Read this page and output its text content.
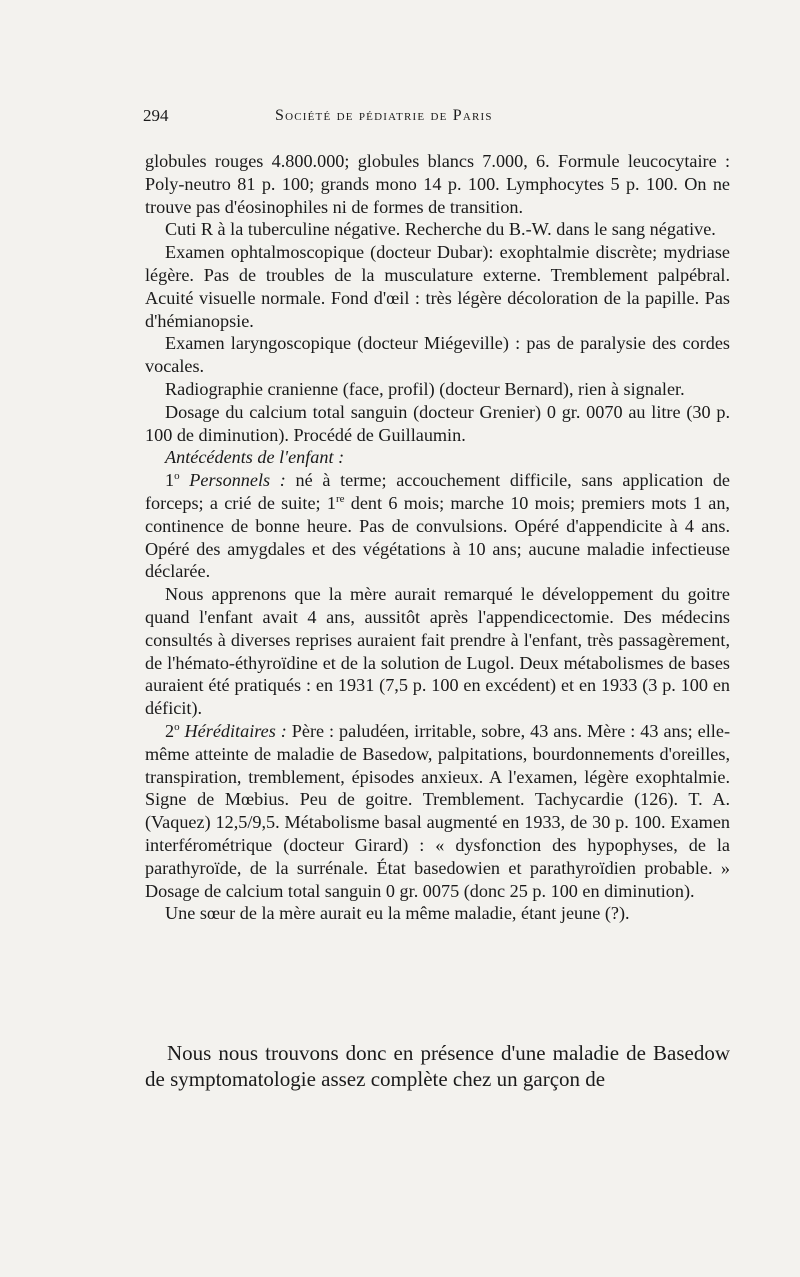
294	Société de pédiatrie de Paris

globules rouges 4.800.000; globules blancs 7.000, 6. Formule leucocytaire : Poly-neutro 81 p. 100; grands mono 14 p. 100. Lymphocytes 5 p. 100. On ne trouve pas d'éosinophiles ni de formes de transition.

Cuti R à la tuberculine négative. Recherche du B.-W. dans le sang négative.

Examen ophtalmoscopique (docteur Dubar): exophtalmie discrète; mydriase légère. Pas de troubles de la musculature externe. Tremblement palpébral. Acuité visuelle normale. Fond d'œil : très légère décoloration de la papille. Pas d'hémianopsie.

Examen laryngoscopique (docteur Miégeville) : pas de paralysie des cordes vocales.

Radiographie cranienne (face, profil) (docteur Bernard), rien à signaler.

Dosage du calcium total sanguin (docteur Grenier) 0 gr. 0070 au litre (30 p. 100 de diminution). Procédé de Guillaumin.

Antécédents de l'enfant :

1$^o$ Personnels : né à terme; accouchement difficile, sans application de forceps; a crié de suite; 1re dent 6 mois; marche 10 mois; premiers mots 1 an, continence de bonne heure. Pas de convulsions. Opéré d'appendicite à 4 ans. Opéré des amygdales et des végétations à 10 ans; aucune maladie infectieuse déclarée.

Nous apprenons que la mère aurait remarqué le développement du goitre quand l'enfant avait 4 ans, aussitôt après l'appendicectomie. Des médecins consultés à diverses reprises auraient fait prendre à l'enfant, très passagèrement, de l'hémato-éthyroïdine et de la solution de Lugol. Deux métabolismes de bases auraient été pratiqués : en 1931 (7,5 p. 100 en excédent) et en 1933 (3 p. 100 en déficit).

2$^o$ Héréditaires : Père : paludéen, irritable, sobre, 43 ans. Mère : 43 ans; elle-même atteinte de maladie de Basedow, palpitations, bourdonnements d'oreilles, transpiration, tremblement, épisodes anxieux. A l'examen, légère exophtalmie. Signe de Mœbius. Peu de goitre. Tremblement. Tachycardie (126). T. A. (Vaquez) 12,5/9,5. Métabolisme basal augmenté en 1933, de 30 p. 100. Examen interférométrique (docteur Girard) : « dysfonction des hypophyses, de la parathyroïde, de la surrénale. État basedowien et parathyroïdien probable. » Dosage de calcium total sanguin 0 gr. 0075 (donc 25 p. 100 en diminution).

Une sœur de la mère aurait eu la même maladie, étant jeune (?).

Nous nous trouvons donc en présence d'une maladie de Basedow de symptomatologie assez complète chez un garçon de
